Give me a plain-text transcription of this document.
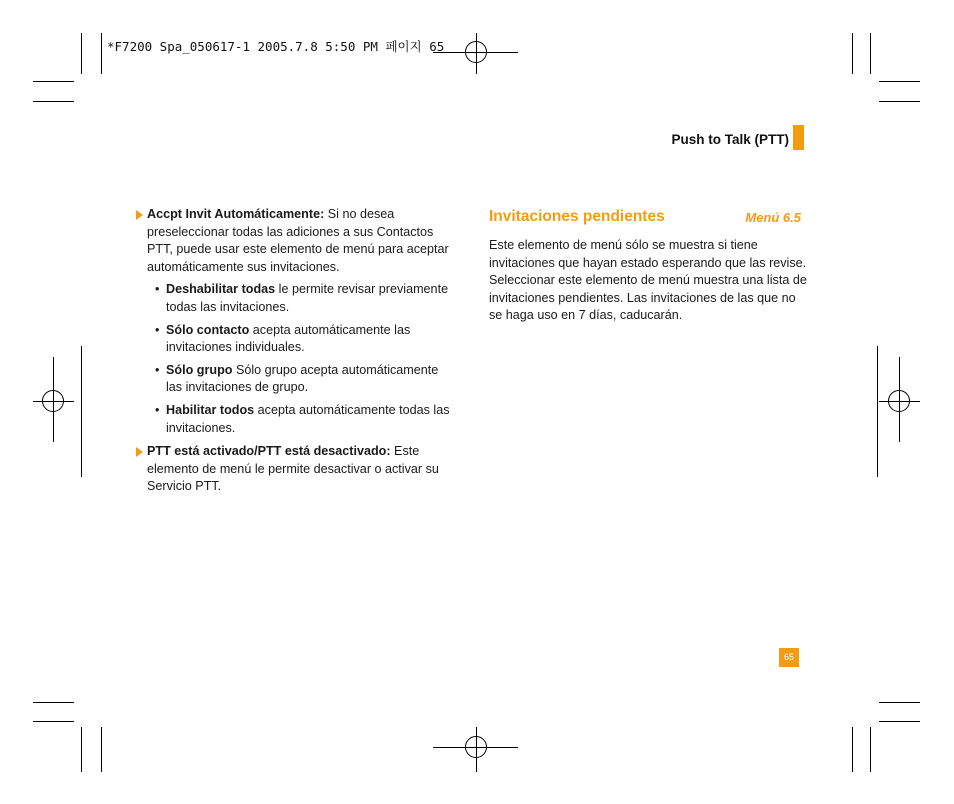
*F7200 Spa_050617-1 2005.7.8 5:50 PM 페이지 65
Push to Talk (PTT)
Accpt Invit Automáticamente: Si no desea preseleccionar todas las adiciones a sus Contactos PTT, puede usar este elemento de menú para aceptar automáticamente sus invitaciones.
• Deshabilitar todas le permite revisar previamente todas las invitaciones.
• Sólo contacto acepta automáticamente las invitaciones individuales.
• Sólo grupo Sólo grupo acepta automáticamente las invitaciones de grupo.
• Habilitar todos acepta automáticamente todas las invitaciones.
PTT está activado/PTT está desactivado: Este elemento de menú le permite desactivar o activar su Servicio PTT.
Invitaciones pendientes	Menú 6.5
Este elemento de menú sólo se muestra si tiene invitaciones que hayan estado esperando que las revise. Seleccionar este elemento de menú muestra una lista de invitaciones pendientes. Las invitaciones de las que no se haga uso en 7 días, caducarán.
65
